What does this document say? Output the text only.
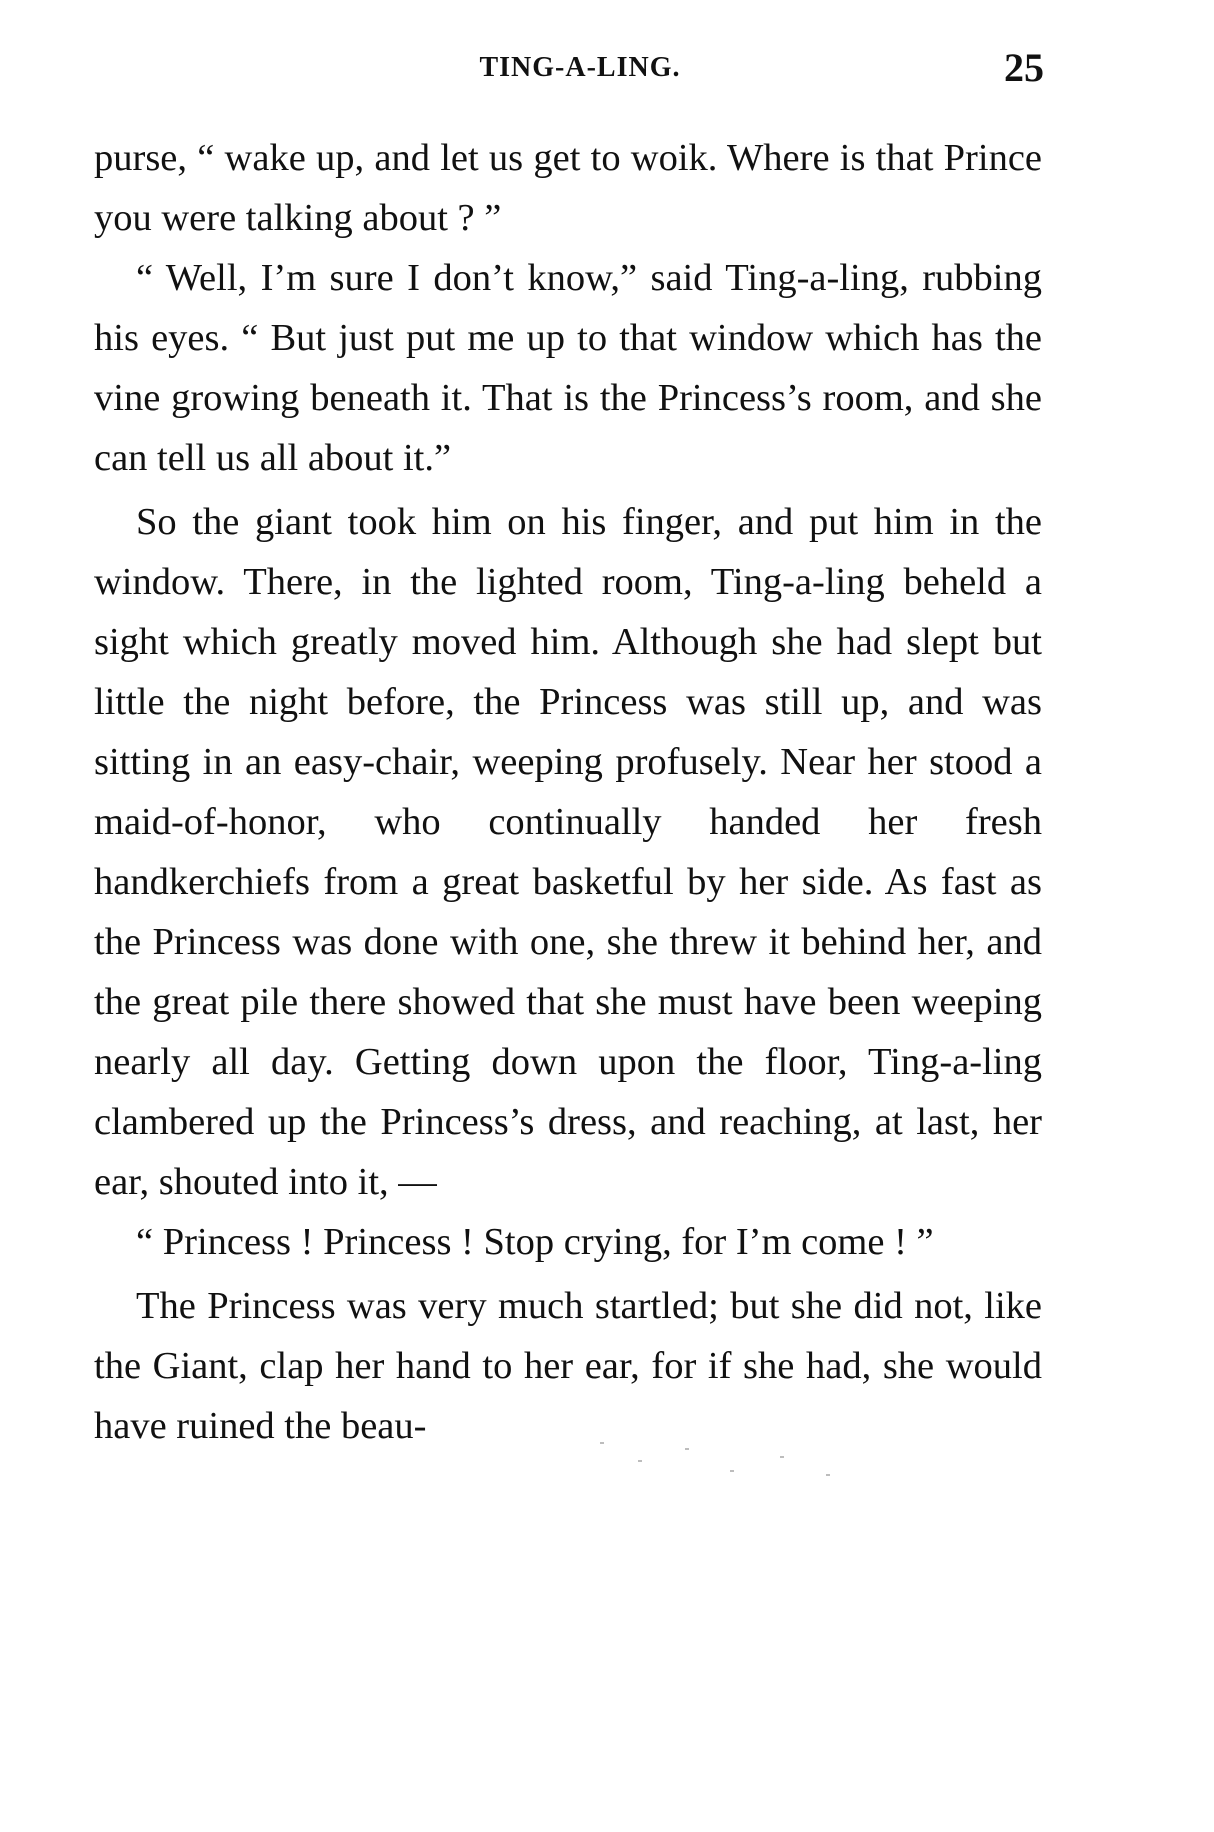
TING-A-LING.	25

purse, “ wake up, and let us get to woik. Where is that Prince you were talking about ? ”

“ Well, I’m sure I don’t know,” said Ting-a-ling, rubbing his eyes. “ But just put me up to that window which has the vine growing beneath it. That is the Princess’s room, and she can tell us all about it.”

So the giant took him on his finger, and put him in the window. There, in the lighted room, Ting-a-ling beheld a sight which greatly moved him. Although she had slept but little the night before, the Princess was still up, and was sitting in an easy-chair, weeping profusely. Near her stood a maid-of-honor, who continually handed her fresh handkerchiefs from a great basketful by her side. As fast as the Princess was done with one, she threw it behind her, and the great pile there showed that she must have been weeping nearly all day. Getting down upon the floor, Ting-a-ling clambered up the Princess’s dress, and reaching, at last, her ear, shouted into it, —

“ Princess ! Princess ! Stop crying, for I’m come ! ”

The Princess was very much startled; but she did not, like the Giant, clap her hand to her ear, for if she had, she would have ruined the beau-
